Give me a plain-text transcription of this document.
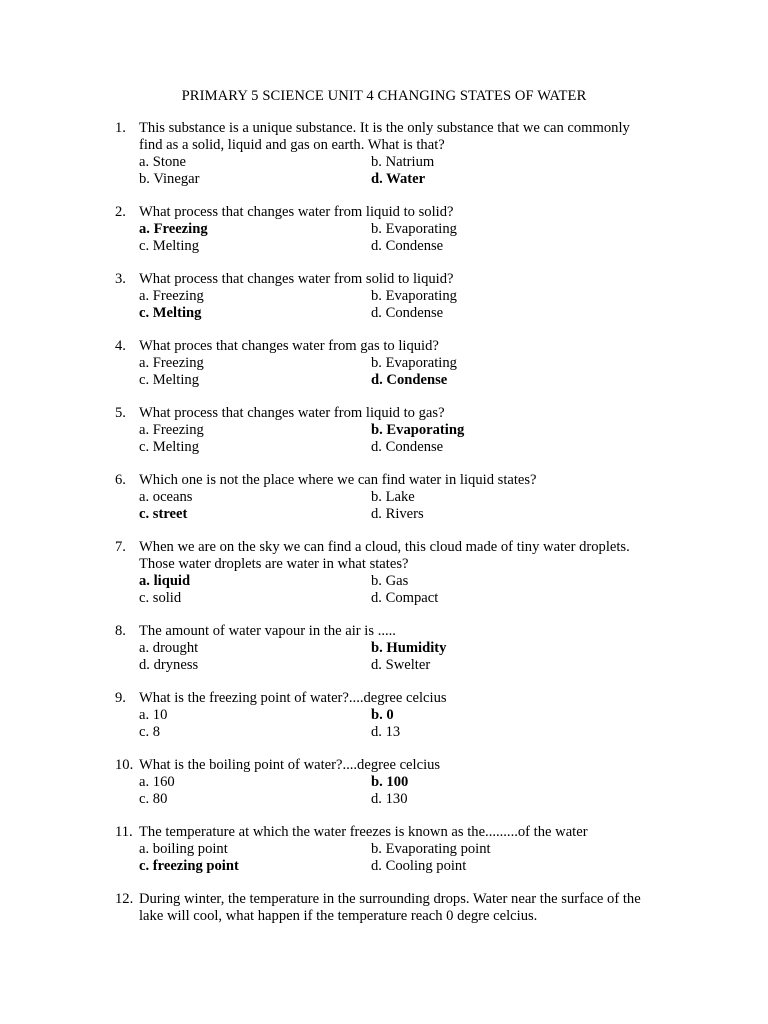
PRIMARY 5 SCIENCE UNIT 4 CHANGING STATES OF WATER
1. This substance is a unique substance. It is the only substance that we can commonly
find as a solid, liquid and gas on earth. What is that?
a. Stone	b. Natrium
b. Vinegar	d. Water
2. What process that changes water from liquid to solid?
a. Freezing	b. Evaporating
c. Melting	d. Condense
3. What process that changes water from solid to liquid?
a. Freezing	b. Evaporating
c. Melting	d. Condense
4. What proces that changes water from gas to liquid?
a. Freezing	b. Evaporating
c. Melting	d. Condense
5. What process that changes water from liquid to gas?
a. Freezing	b. Evaporating
c. Melting	d. Condense
6. Which one is not the place where we can find water in liquid states?
a. oceans	b. Lake
c. street	d. Rivers
7. When we are on the sky we can find a cloud, this cloud made of tiny water droplets.
Those water droplets are water in what states?
a. liquid	b. Gas
c. solid	d. Compact
8. The amount of water vapour in the air is .....
a. drought	b. Humidity
d. dryness	d. Swelter
9. What is the freezing point of water?....degree celcius
a. 10	b. 0
c. 8	d. 13
10. What is the boiling point of water?....degree celcius
a. 160	b. 100
c. 80	d. 130
11. The temperature at which the water freezes is known as the.........of the water
a. boiling point	b. Evaporating point
c. freezing point	d. Cooling point
12. During winter, the temperature in the surrounding drops. Water near the surface of the
lake will cool, what happen if the temperature reach 0 degre celcius.
